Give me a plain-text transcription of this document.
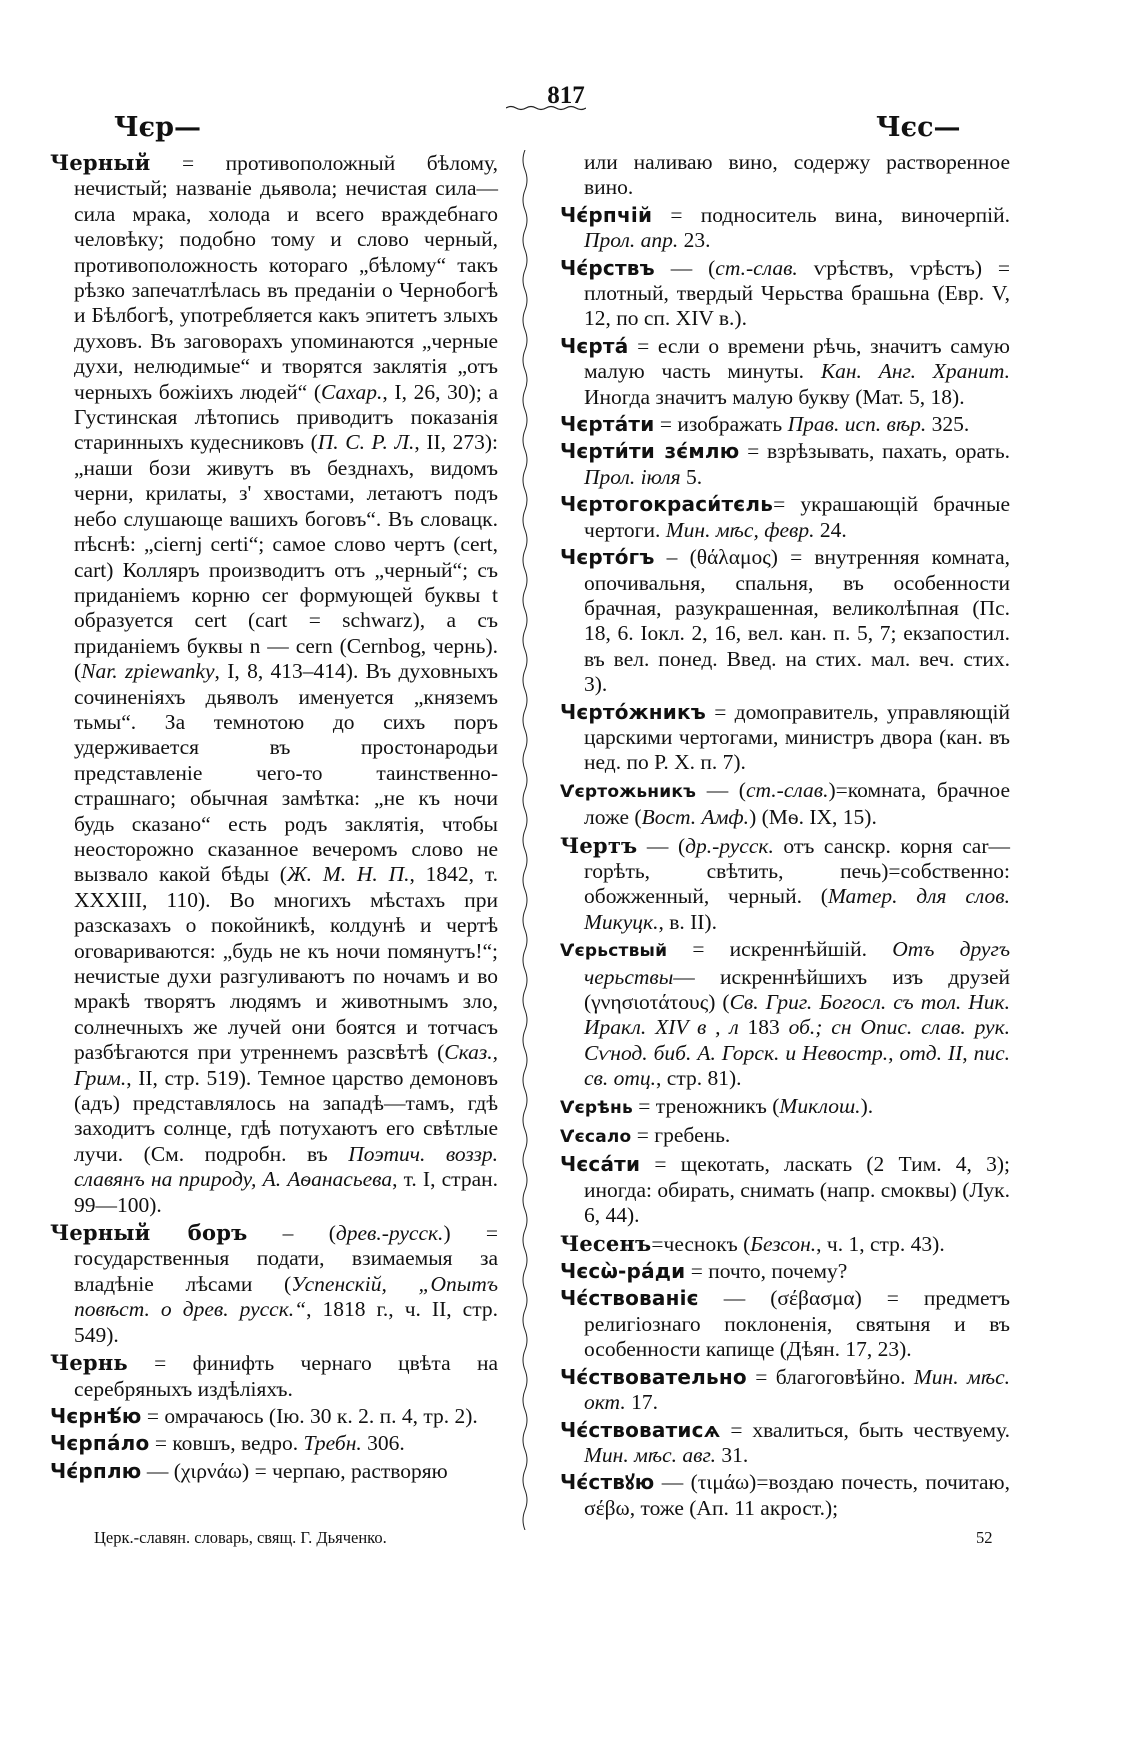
817
Чєр—	Чєс—

Черный = противоположный бѣлому, нечистый; названіе дьявола; нечистая сила—сила мрака, холода и всего враждебнаго человѣку; подобно тому и слово черный, противоположность котораго „бѣлому“ такъ рѣзко запечатлѣлась въ преданіи о Чернобогѣ и Бѣлбогѣ, употребляется какъ эпитетъ злыхъ духовъ. Въ заговорахъ упоминаются „черные духи, нелюдимые“ и творятся заклятія „отъ черныхъ божіихъ людей“ (Сахар., I, 26, 30); а Густинская лѣтопись приводитъ показанія старинныхъ кудесниковъ (П. С. Р. Л., II, 273): „наши бози живутъ въ безднахъ, видомъ черни, крилаты, з' хвостами, летаютъ подъ небо слушающе вашихъ боговъ“. Въ словацк. пѣснѣ: „ciernj certi“; самое слово чертъ (cert, cart) Колляръ производитъ отъ „черный“; съ приданіемъ корню cer формующей буквы t образуется cert (cart = schwarz), а съ приданіемъ буквы n — cern (Cernbog, чернь). (Nar. zpiewanky, I, 8, 413–414). Въ духовныхъ сочиненіяхъ дьяволъ именуется „княземъ тьмы“. За темнотою до сихъ поръ удерживается въ простонародьи представленіе чего-то таинственно-страшнаго; обычная замѣтка: „не къ ночи будь сказано“ есть родъ заклятія, чтобы неосторожно сказанное вечеромъ слово не вызвало какой бѣды (Ж. М. Н. П., 1842, т. XXXIII, 110). Во многихъ мѣстахъ при разсказахъ о покойникѣ, колдунѣ и чертѣ оговариваются: „будь не къ ночи помянутъ!“; нечистые духи разгуливаютъ по ночамъ и во мракѣ творятъ людямъ и животнымъ зло, солнечныхъ же лучей они боятся и тотчасъ разбѣгаются при утреннемъ разсвѣтѣ (Сказ., Грим., II, стр. 519). Темное царство демоновъ (адъ) представлялось на западѣ—тамъ, гдѣ заходитъ солнце, гдѣ потухаютъ его свѣтлые лучи. (См. подробн. въ Поэтич. воззр. славянъ на природу, А. Аѳанасьева, т. I, стран. 99—100).

Черный боръ – (древ.-русск.) = государственныя подати, взимаемыя за владѣніе лѣсами (Успенскій, „Опытъ повѣст. о древ. русск.“, 1818 г., ч. II, стр. 549).

Чернь = финифть чернаго цвѣта на серебряныхъ издѣліяхъ.

Чєрнѣ́ю = омрачаюсь (Ію. 30 к. 2. п. 4, тр. 2).

Чєрпа́ло = ковшъ, ведро. Требн. 306.

Чє́рплю — (χιρνάω) = черпаю, растворяю

или наливаю вино, содержу растворенное вино.

Чє́рпчій = подноситель вина, виночерпій. Прол. апр. 23.

Чє́рствъ — (ст.-слав. ѵрѣствъ, ѵрѣстъ) = плотный, твердый Черьства брашьна (Евр. V, 12, по сп. XIV в.).

Чєрта́ = если о времени рѣчь, значитъ самую малую часть минуты. Кан. Анг. Хранит. Иногда значитъ малую букву (Мат. 5, 18).

Чєрта́ти = изображать Прав. исп. вѣр. 325.

Чєрти́ти зє́млю = взрѣзывать, пахать, орать. Прол. іюля 5.

Чєртогокраси́тєль= украшающій брачные чертоги. Мин. мѣс, февр. 24.

Чєрто́гъ – (θάλαμος) = внутренняя комната, опочивальня, спальня, въ особенности брачная, разукрашенная, великолѣпная (Пс. 18, 6. Іокл. 2, 16, вел. кан. п. 5, 7; екзапостил. въ вел. понед. Введ. на стих. мал. веч. стих. 3).

Чєрто́жникъ = домоправитель, управляющій царскими чертогами, министръ двора (кан. въ нед. по Р. Х. п. 7).

Ѵєртожьникъ — (ст.-слав.)=комната, брачное ложе (Вост. Амф.) (Мѳ. IX, 15).

Чертъ — (др.-русск. отъ санскр. корня car—горѣть, свѣтить, печь)=собственно: обожженный, черный. (Матер. для слов. Микуцк., в. II).

Ѵєрьствый = искреннѣйшій. Отъ другъ черьствы— искреннѣйшихъ изъ друзей (γνησιοτάτους) (Св. Григ. Богосл. съ тол. Ник. Иракл. XIV в , л 183 об.; сн Опис. слав. рук. Сѵнод. биб. А. Горск. и Невостр., отд. II, пис. св. отц., стр. 81).

Ѵєрѣнь = треножникъ (Миклош.).

Ѵєсало = гребень.

Чєса́ти = щекотать, ласкать (2 Тим. 4, 3); иногда: обирать, снимать (напр. смоквы) (Лук. 6, 44).

Чесенъ=чеснокъ (Безсон., ч. 1, стр. 43).

Чєсѡ̀-ра́ди = почто, почему?

Чє́ствованіє — (σέβασμα) = предметъ религіознаго поклоненія, святыня и въ особенности капище (Дѣян. 17, 23).

Чє́ствовательно = благоговѣйно. Мин. мѣс. окт. 17.

Чє́ствоватисѧ = хвалиться, быть чествуему. Мин. мѣс. авг. 31.

Чє́ствꙋю — (τιμάω)=воздаю почесть, почитаю, σέβω, тоже (Ап. 11 акрост.);

Церк.-славян. словарь, свящ. Г. Дьяченко.	52
